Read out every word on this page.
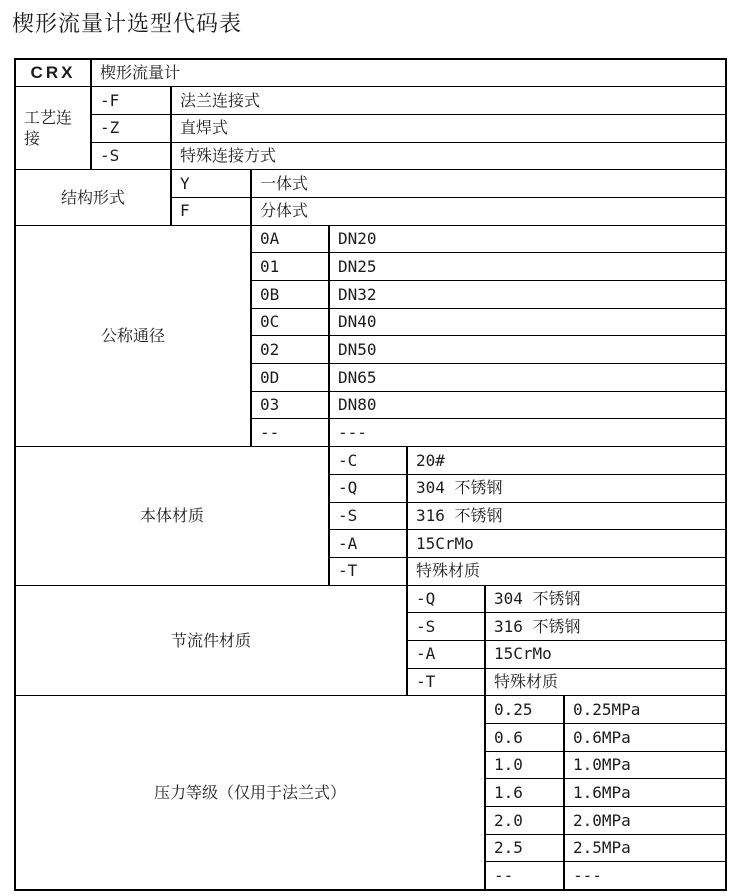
楔形流量计选型代码表
CRX	楔形流量计						
工艺连接	-F	法兰连接式					
	-Z	直焊式					
	-S	特殊连接方式					
结构形式		Y	一体式				
		F	分体式				
公称通径			0A	DN20			
			01	DN25			
			0B	DN32			
			0C	DN40			
			02	DN50			
			0D	DN65			
			03	DN80			
			--	---			
本体材质				-C	20#		
				-Q	304 不锈钢		
				-S	316 不锈钢		
				-A	15CrMo		
				-T	特殊材质		
节流件材质					-Q	304 不锈钢	
					-S	316 不锈钢	
					-A	15CrMo	
					-T	特殊材质	
压力等级（仅用于法兰式）						0.25	0.25MPa
						0.6	0.6MPa
						1.0	1.0MPa
						1.6	1.6MPa
						2.0	2.0MPa
						2.5	2.5MPa
						--	---
